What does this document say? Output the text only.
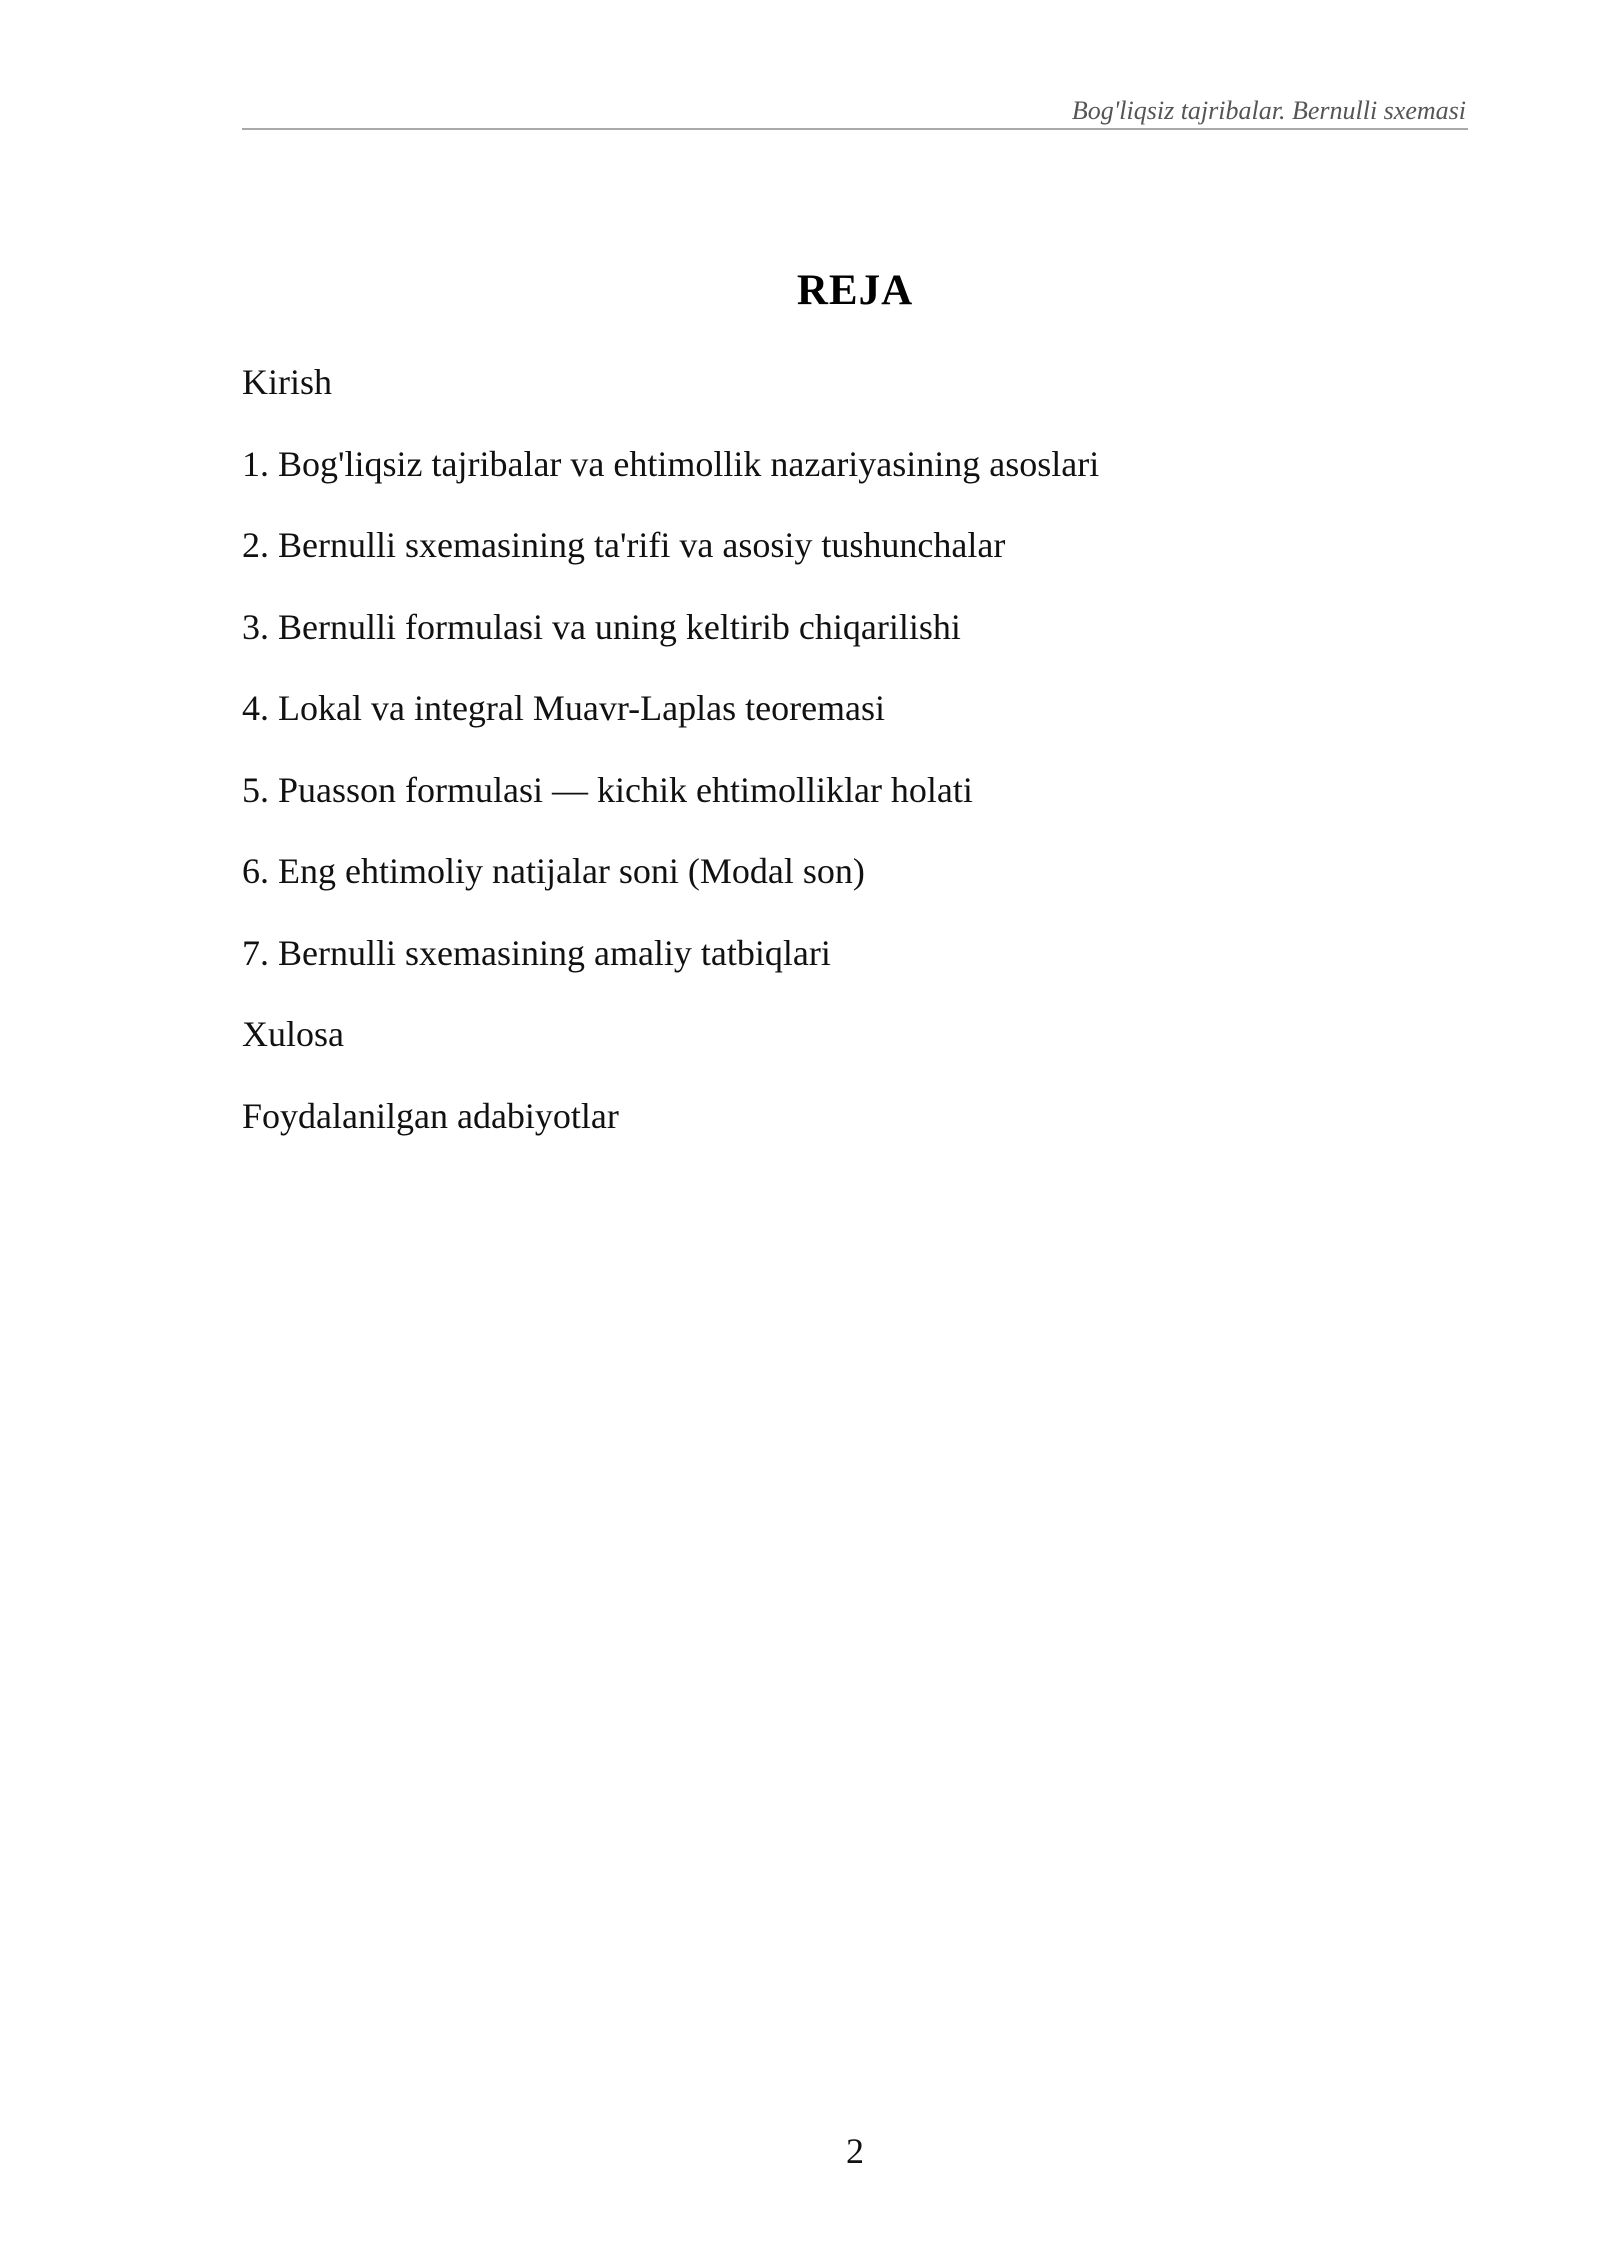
Bog'liqsiz tajribalar. Bernulli sxemasi
REJA
Kirish
1. Bog'liqsiz tajribalar va ehtimollik nazariyasining asoslari
2. Bernulli sxemasining ta'rifi va asosiy tushunchalar
3. Bernulli formulasi va uning keltirib chiqarilishi
4. Lokal va integral Muavr-Laplas teoremasi
5. Puasson formulasi — kichik ehtimolliklar holati
6. Eng ehtimoliy natijalar soni (Modal son)
7. Bernulli sxemasining amaliy tatbiqlari
Xulosa
Foydalanilgan adabiyotlar
2
